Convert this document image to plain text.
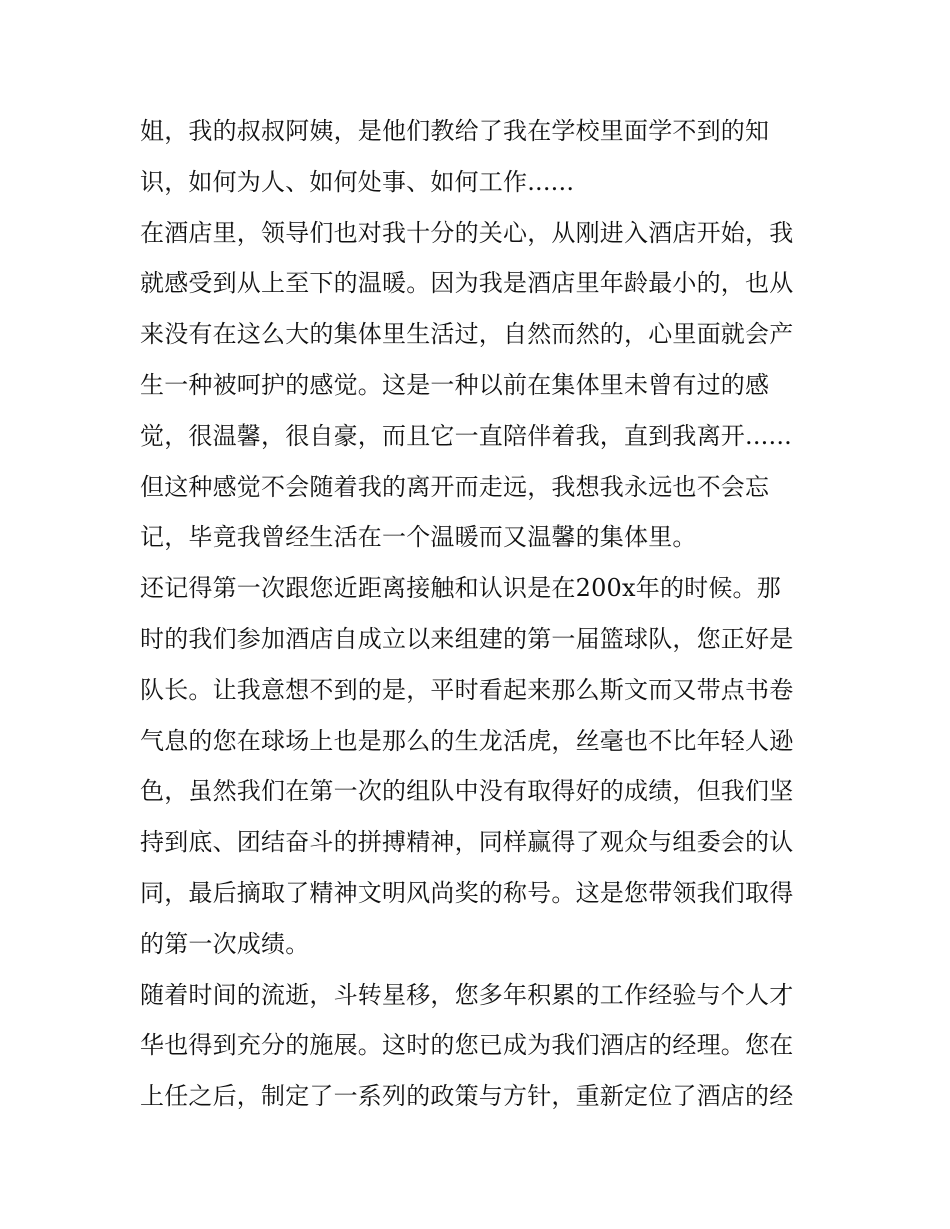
姐，我的叔叔阿姨，是他们教给了我在学校里面学不到的知
识，如何为人、如何处事、如何工作......
在酒店里，领导们也对我十分的关心，从刚进入酒店开始，我
就感受到从上至下的温暖。因为我是酒店里年龄最小的，也从
来没有在这么大的集体里生活过，自然而然的，心里面就会产
生一种被呵护的感觉。这是一种以前在集体里未曾有过的感
觉，很温馨，很自豪，而且它一直陪伴着我，直到我离开......
但这种感觉不会随着我的离开而走远，我想我永远也不会忘
记，毕竟我曾经生活在一个温暖而又温馨的集体里。
还记得第一次跟您近距离接触和认识是在200x年的时候。那
时的我们参加酒店自成立以来组建的第一届篮球队，您正好是
队长。让我意想不到的是，平时看起来那么斯文而又带点书卷
气息的您在球场上也是那么的生龙活虎，丝毫也不比年轻人逊
色，虽然我们在第一次的组队中没有取得好的成绩，但我们坚
持到底、团结奋斗的拼搏精神，同样赢得了观众与组委会的认
同，最后摘取了精神文明风尚奖的称号。这是您带领我们取得
的第一次成绩。
随着时间的流逝，斗转星移，您多年积累的工作经验与个人才
华也得到充分的施展。这时的您已成为我们酒店的经理。您在
上任之后，制定了一系列的政策与方针，重新定位了酒店的经
